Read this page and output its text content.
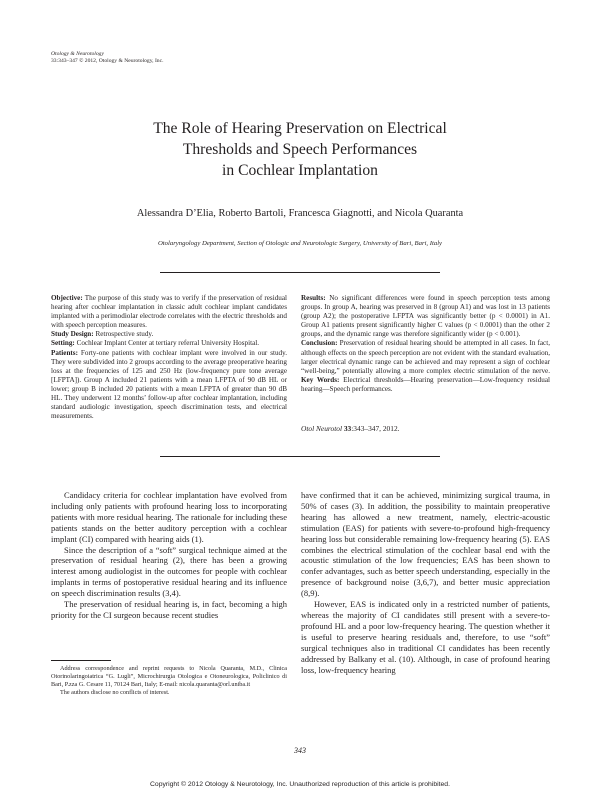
Otology & Neurotology
33:343–347 © 2012, Otology & Neurotology, Inc.
The Role of Hearing Preservation on Electrical
Thresholds and Speech Performances
in Cochlear Implantation
Alessandra D’Elia, Roberto Bartoli, Francesca Giagnotti, and Nicola Quaranta
Otolaryngology Department, Section of Otologic and Neurotologic Surgery, University of Bari, Bari, Italy

Objective: The purpose of this study was to verify if the preservation of residual hearing after cochlear implantation in classic adult cochlear implant candidates implanted with a perimodiolar electrode correlates with the electric thresholds and with speech perception measures.

Study Design: Retrospective study.

Setting: Cochlear Implant Center at tertiary referral University Hospital.

Patients: Forty-one patients with cochlear implant were involved in our study. They were subdivided into 2 groups according to the average preoperative hearing loss at the frequencies of 125 and 250 Hz (low-frequency pure tone average [LFPTA]). Group A included 21 patients with a mean LFPTA of 90 dB HL or lower; group B included 20 patients with a mean LFPTA of greater than 90 dB HL. They underwent 12 months’ follow-up after cochlear implantation, including standard audiologic investigation, speech discrimination tests, and electrical measurements.

Results: No significant differences were found in speech perception tests among groups. In group A, hearing was preserved in 8 (group A1) and was lost in 13 patients (group A2); the postoperative LFPTA was significantly better (p < 0.0001) in A1. Group A1 patients present significantly higher C values (p < 0.0001) than the other 2 groups, and the dynamic range was therefore significantly wider (p < 0.001).

Conclusion: Preservation of residual hearing should be attempted in all cases. In fact, although effects on the speech perception are not evident with the standard evaluation, larger electrical dynamic range can be achieved and may represent a sign of cochlear “well-being,” potentially allowing a more complex electric stimulation of the nerve. Key Words: Electrical thresholds—Hearing preservation—Low-frequency residual hearing—Speech performances.

Otol Neurotol 33:343–347, 2012.

Candidacy criteria for cochlear implantation have evolved from including only patients with profound hearing loss to incorporating patients with more residual hearing. The rationale for including these patients stands on the better auditory perception with a cochlear implant (CI) compared with hearing aids (1).

Since the description of a “soft” surgical technique aimed at the preservation of residual hearing (2), there has been a growing interest among audiologist in the outcomes for people with cochlear implants in terms of postoperative residual hearing and its influence on speech discrimination results (3,4).

The preservation of residual hearing is, in fact, becoming a high priority for the CI surgeon because recent studies

have confirmed that it can be achieved, minimizing surgical trauma, in 50% of cases (3). In addition, the possibility to maintain preoperative hearing has allowed a new treatment, namely, electric-acoustic stimulation (EAS) for patients with severe-to-profound high-frequency hearing loss but considerable remaining low-frequency hearing (5). EAS combines the electrical stimulation of the cochlear basal end with the acoustic stimulation of the low frequencies; EAS has been shown to confer advantages, such as better speech understanding, especially in the presence of background noise (3,6,7), and better music appreciation (8,9).

However, EAS is indicated only in a restricted number of patients, whereas the majority of CI candidates still present with a severe-to-profound HL and a poor low-frequency hearing. The question whether it is useful to preserve hearing residuals and, therefore, to use “soft” surgical techniques also in traditional CI candidates has been recently addressed by Balkany et al. (10). Although, in case of profound hearing loss, low-frequency hearing

Address correspondence and reprint requests to Nicola Quaranta, M.D., Clinica Otorinolaringoiatrica “G. Lugli”, Microchirurgia Otologica e Otoneurologica, Policlinico di Bari, P.zza G. Cesare 11, 70124 Bari, Italy; E-mail: nicola.quaranta@orl.uniba.it

The authors disclose no conflicts of interest.

343
Copyright © 2012 Otology & Neurotology, Inc. Unauthorized reproduction of this article is prohibited.
